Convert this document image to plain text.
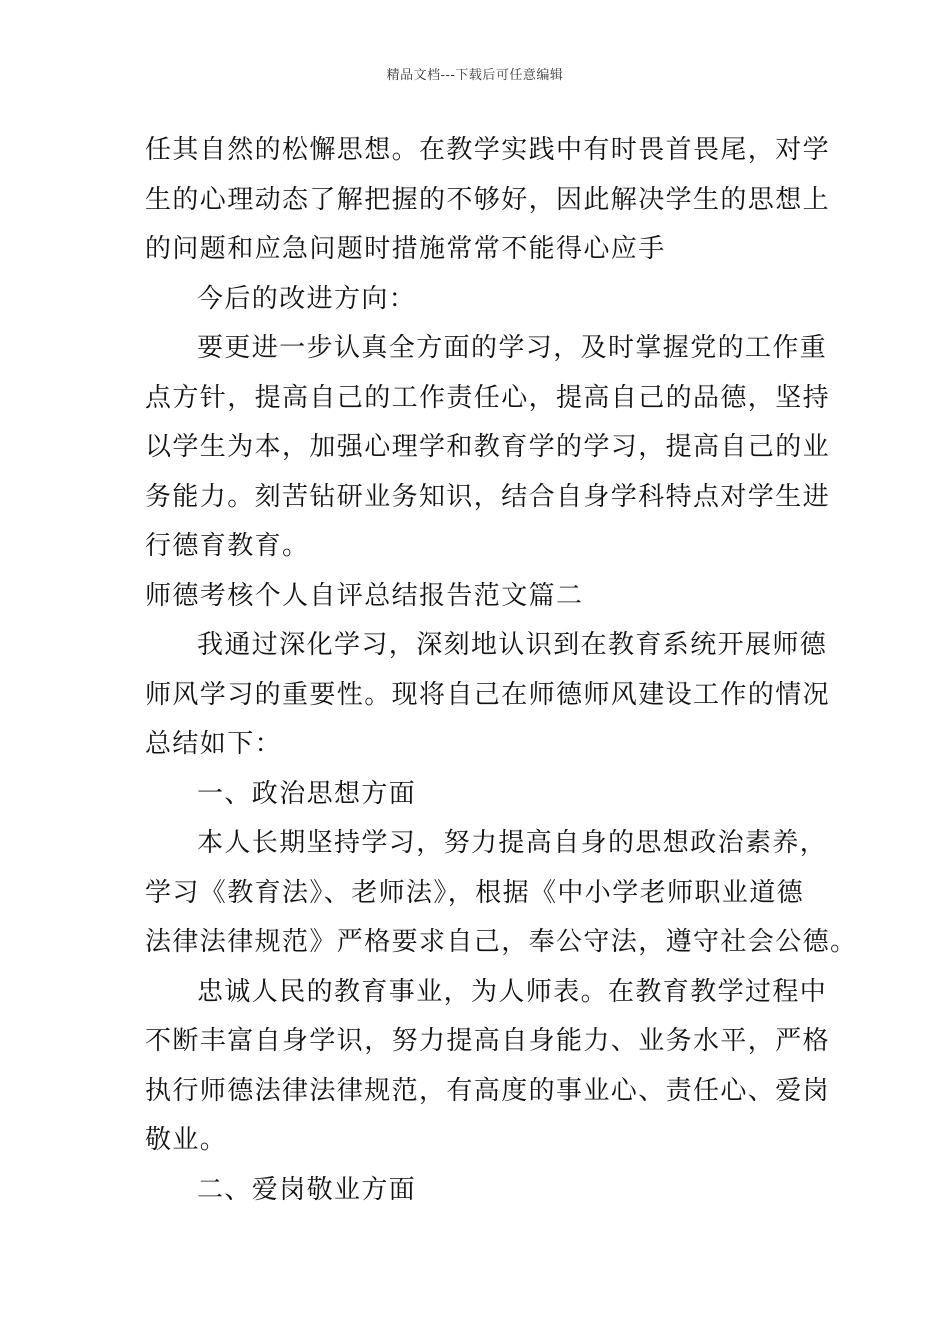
精品文档---下载后可任意编辑
任其自然的松懈思想。在教学实践中有时畏首畏尾，对学
生的心理动态了解把握的不够好，因此解决学生的思想上
的问题和应急问题时措施常常不能得心应手
今后的改进方向：
要更进一步认真全方面的学习，及时掌握党的工作重
点方针，提高自己的工作责任心，提高自己的品德，坚持
以学生为本，加强心理学和教育学的学习，提高自己的业
务能力。刻苦钻研业务知识，结合自身学科特点对学生进
行德育教育。
师德考核个人自评总结报告范文篇二
我通过深化学习，深刻地认识到在教育系统开展师德
师风学习的重要性。现将自己在师德师风建设工作的情况
总结如下：
一、政治思想方面
本人长期坚持学习，努力提高自身的思想政治素养，
学习《教育法》、老师法》，根据《中小学老师职业道德
法律法律规范》严格要求自己，奉公守法，遵守社会公德。
忠诚人民的教育事业，为人师表。在教育教学过程中
不断丰富自身学识，努力提高自身能力、业务水平，严格
执行师德法律法律规范，有高度的事业心、责任心、爱岗
敬业。
二、爱岗敬业方面
